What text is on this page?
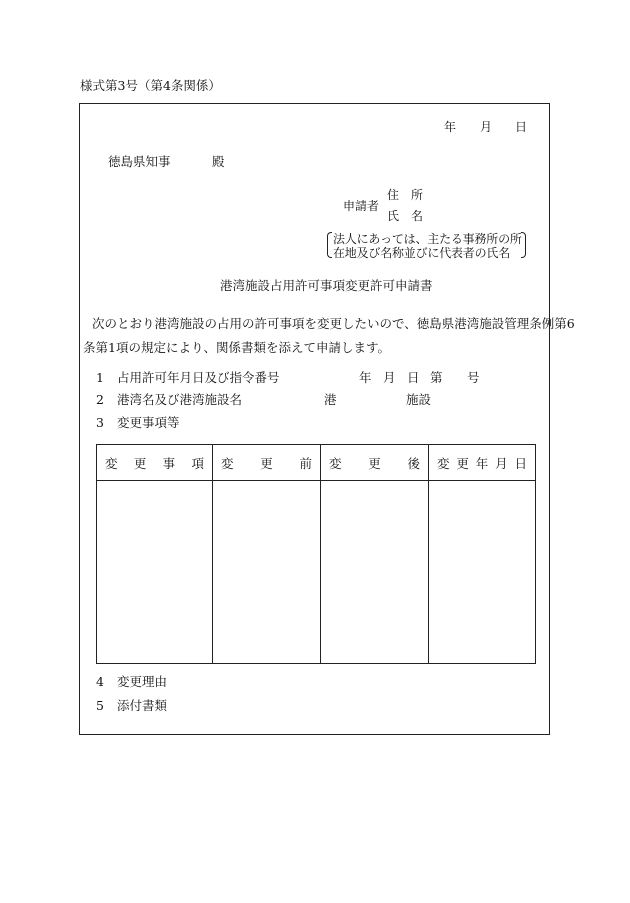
様式第3号（第4条関係）
年 月 日
徳島県知事	殿
申請者
住　所
氏　名
法人にあっては、主たる事務所の所
在地及び名称並びに代表者の氏名
港湾施設占用許可事項変更許可申請書
次のとおり港湾施設の占用の許可事項を変更したいので、徳島県港湾施設管理条例第6
条第1項の規定により、関係書類を添えて申請します。
1 占用許可年月日及び指令番号	年 月 日 第 号
2 港湾名及び港湾施設名	港	施設
3 変更事項等
変 更 事 項	変 更 前	変 更 後	変 更 年 月 日

4 変更理由
5 添付書類
